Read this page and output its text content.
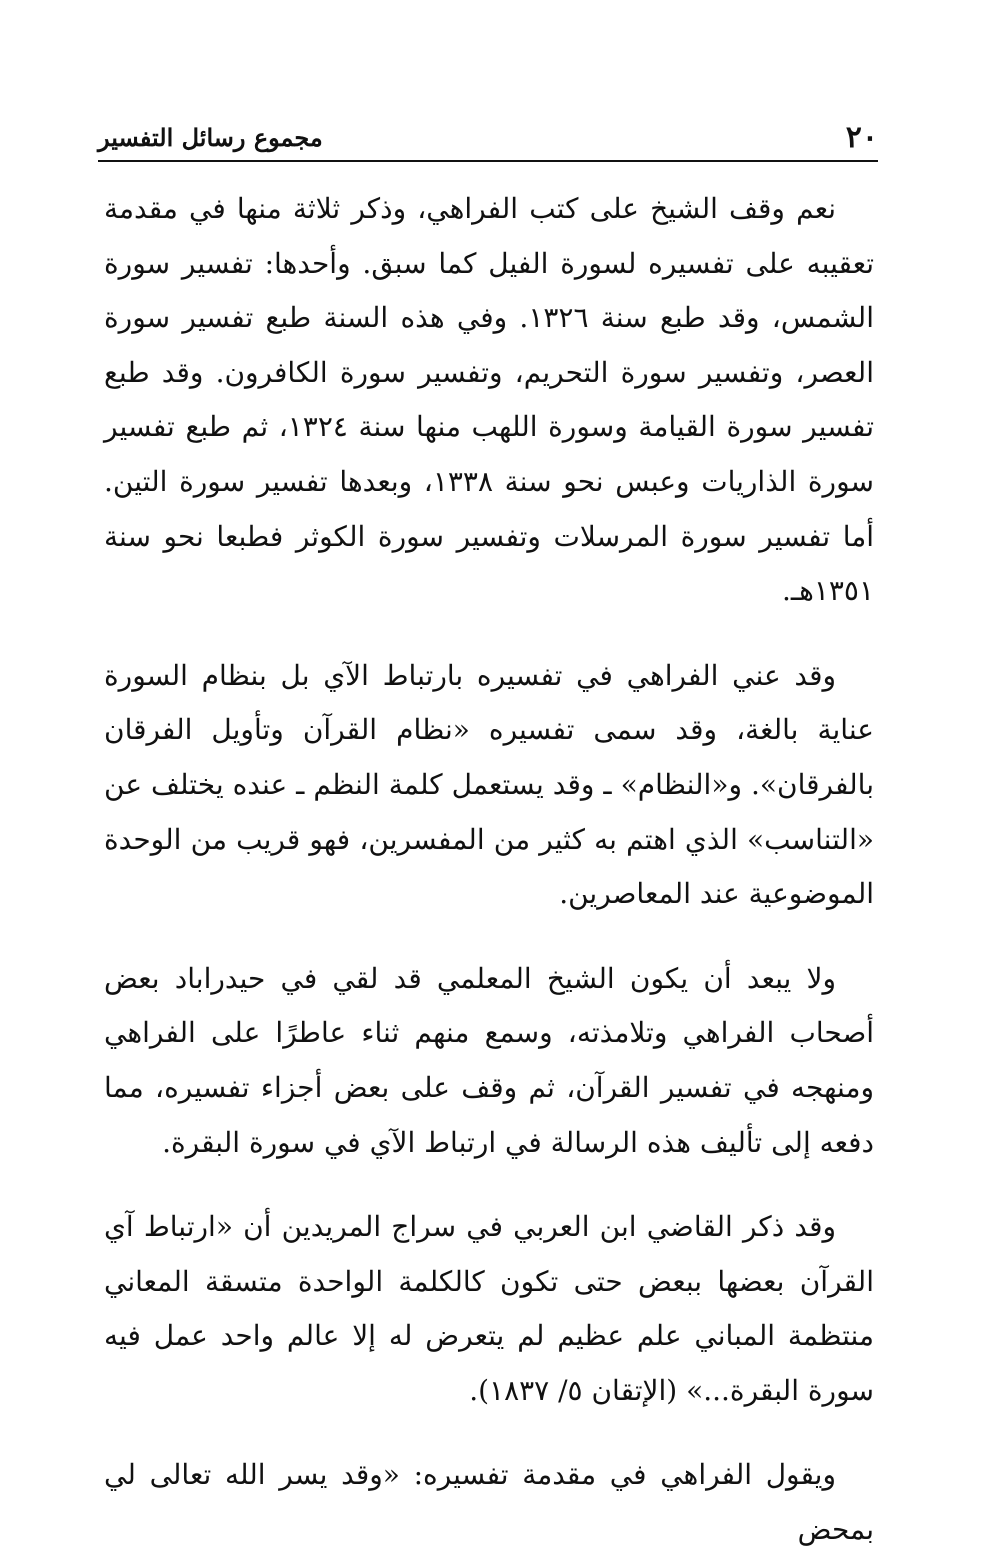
٢٠
مجموع رسائل التفسير

نعم وقف الشيخ على كتب الفراهي، وذكر ثلاثة منها في مقدمة تعقيبه على تفسيره لسورة الفيل كما سبق. وأحدها: تفسير سورة الشمس، وقد طبع سنة ١٣٢٦. وفي هذه السنة طبع تفسير سورة العصر، وتفسير سورة التحريم، وتفسير سورة الكافرون. وقد طبع تفسير سورة القيامة وسورة اللهب منها سنة ١٣٢٤، ثم طبع تفسير سورة الذاريات وعبس نحو سنة ١٣٣٨، وبعدها تفسير سورة التين. أما تفسير سورة المرسلات وتفسير سورة الكوثر فطبعا نحو سنة ١٣٥١هـ.

وقد عني الفراهي في تفسيره بارتباط الآي بل بنظام السورة عناية بالغة، وقد سمى تفسيره «نظام القرآن وتأويل الفرقان بالفرقان». و«النظام» ـ وقد يستعمل كلمة النظم ـ عنده يختلف عن «التناسب» الذي اهتم به كثير من المفسرين، فهو قريب من الوحدة الموضوعية عند المعاصرين.

ولا يبعد أن يكون الشيخ المعلمي قد لقي في حيدراباد بعض أصحاب الفراهي وتلامذته، وسمع منهم ثناء عاطرًا على الفراهي ومنهجه في تفسير القرآن، ثم وقف على بعض أجزاء تفسيره، مما دفعه إلى تأليف هذه الرسالة في ارتباط الآي في سورة البقرة.

وقد ذكر القاضي ابن العربي في سراج المريدين أن «ارتباط آي القرآن بعضها ببعض حتى تكون كالكلمة الواحدة متسقة المعاني منتظمة المباني علم عظيم لم يتعرض له إلا عالم واحد عمل فيه سورة البقرة...» (الإتقان ٥/ ١٨٣٧).

ويقول الفراهي في مقدمة تفسيره: «وقد يسر الله تعالى لي بمحض
